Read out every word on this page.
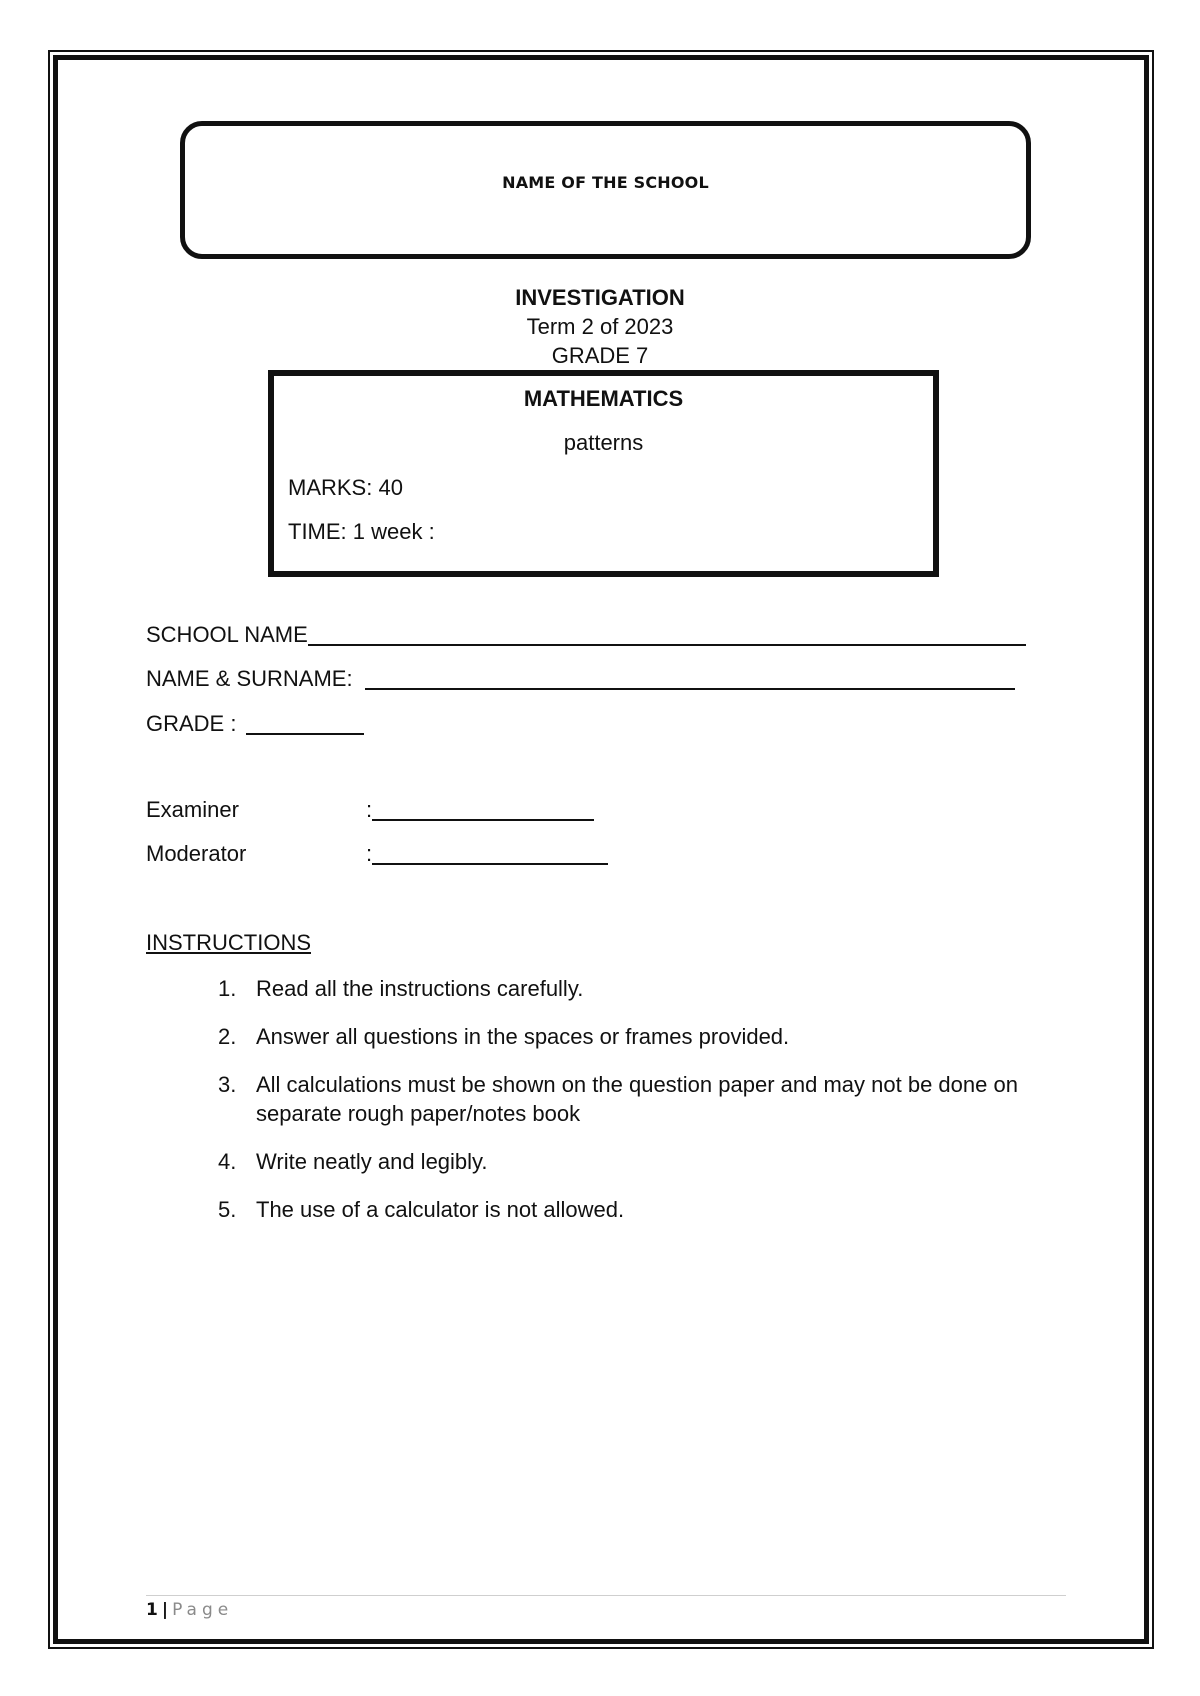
NAME OF THE SCHOOL
INVESTIGATION
Term 2 of 2023
GRADE 7
MATHEMATICS
patterns
MARKS: 40
TIME: 1 week :
SCHOOL NAME
NAME & SURNAME:
GRADE :
Examiner	:
Moderator	:
INSTRUCTIONS
1. Read all the instructions carefully.
2. Answer all questions in the spaces or frames provided.
3. All calculations must be shown on the question paper and may not be done on separate rough paper/notes book
4. Write neatly and legibly.
5. The use of a calculator is not allowed.
1 | Page
